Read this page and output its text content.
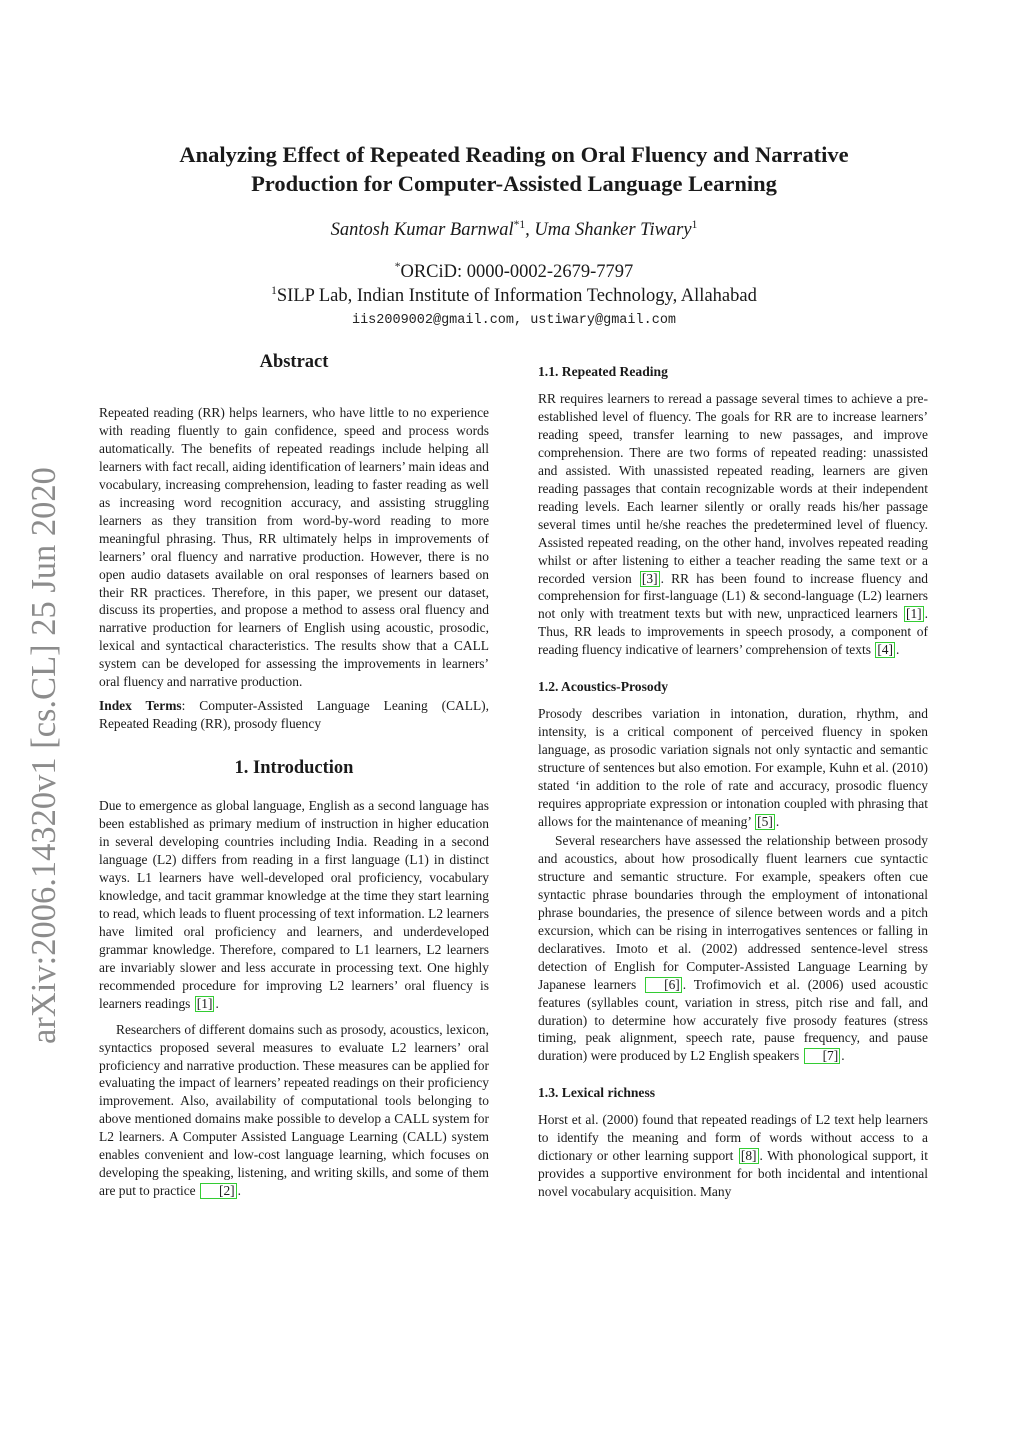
arXiv:2006.14320v1 [cs.CL] 25 Jun 2020
Analyzing Effect of Repeated Reading on Oral Fluency and Narrative
Production for Computer-Assisted Language Learning
Santosh Kumar Barnwal$^{*1}$, Uma Shanker Tiwary$^1$
*ORCiD: 0000-0002-2679-7797
$^1$SILP Lab, Indian Institute of Information Technology, Allahabad
iis2009002@gmail.com, ustiwary@gmail.com
Abstract

Repeated reading (RR) helps learners, who have little to no experience with reading fluently to gain confidence, speed and process words automatically. The benefits of repeated readings include helping all learners with fact recall, aiding identification of learners’ main ideas and vocabulary, increasing comprehension, leading to faster reading as well as increasing word recognition accuracy, and assisting struggling learners as they transition from word-by-word reading to more meaningful phrasing. Thus, RR ultimately helps in improvements of learners’ oral fluency and narrative production. However, there is no open audio datasets available on oral responses of learners based on their RR practices. Therefore, in this paper, we present our dataset, discuss its properties, and propose a method to assess oral fluency and narrative production for learners of English using acoustic, prosodic, lexical and syntactical characteristics. The results show that a CALL system can be developed for assessing the improvements in learners’ oral fluency and narrative production.

Index Terms: Computer-Assisted Language Leaning (CALL), Repeated Reading (RR), prosody fluency

1. Introduction

Due to emergence as global language, English as a second language has been established as primary medium of instruction in higher education in several developing countries including India. Reading in a second language (L2) differs from reading in a first language (L1) in distinct ways. L1 learners have well-developed oral proficiency, vocabulary knowledge, and tacit grammar knowledge at the time they start learning to read, which leads to fluent processing of text information. L2 learners have limited oral proficiency and learners, and underdeveloped grammar knowledge. Therefore, compared to L1 learners, L2 learners are invariably slower and less accurate in processing text. One highly recommended procedure for improving L2 learners’ oral fluency is learners readings [1] .

Researchers of different domains such as prosody, acoustics, lexicon, syntactics proposed several measures to evaluate L2 learners’ oral proficiency and narrative production. These measures can be applied for evaluating the impact of learners’ repeated readings on their proficiency improvement. Also, availability of computational tools belonging to above mentioned domains make possible to develop a CALL system for L2 learners. A Computer Assisted Language Learning (CALL) system enables convenient and low-cost language learning, which focuses on developing the speaking, listening, and writing skills, and some of them are put to practice [2] .

1.1. Repeated Reading

RR requires learners to reread a passage several times to achieve a pre-established level of fluency. The goals for RR are to increase learners’ reading speed, transfer learning to new passages, and improve comprehension. There are two forms of repeated reading: unassisted and assisted. With unassisted repeated reading, learners are given reading passages that contain recognizable words at their independent reading levels. Each learner silently or orally reads his/her passage several times until he/she reaches the predetermined level of fluency. Assisted repeated reading, on the other hand, involves repeated reading whilst or after listening to either a teacher reading the same text or a recorded version [3] . RR has been found to increase fluency and comprehension for first-language (L1) & second-language (L2) learners not only with treatment texts but with new, unpracticed learners [1] . Thus, RR leads to improvements in speech prosody, a component of reading fluency indicative of learners’ comprehension of texts [4] .

1.2. Acoustics-Prosody

Prosody describes variation in intonation, duration, rhythm, and intensity, is a critical component of perceived fluency in spoken language, as prosodic variation signals not only syntactic and semantic structure of sentences but also emotion. For example, Kuhn et al. (2010) stated ‘in addition to the role of rate and accuracy, prosodic fluency requires appropriate expression or intonation coupled with phrasing that allows for the maintenance of meaning’ [5] .

Several researchers have assessed the relationship between prosody and acoustics, about how prosodically fluent learners cue syntactic structure and semantic structure. For example, speakers often cue syntactic phrase boundaries through the employment of intonational phrase boundaries, the presence of silence between words and a pitch excursion, which can be rising in interrogatives sentences or falling in declaratives. Imoto et al. (2002) addressed sentence-level stress detection of English for Computer-Assisted Language Learning by Japanese learners [6] . Trofimovich et al. (2006) used acoustic features (syllables count, variation in stress, pitch rise and fall, and duration) to determine how accurately five prosody features (stress timing, peak alignment, speech rate, pause frequency, and pause duration) were produced by L2 English speakers [7] .

1.3. Lexical richness

Horst et al. (2000) found that repeated readings of L2 text help learners to identify the meaning and form of words without access to a dictionary or other learning support [8] . With phonological support, it provides a supportive environment for both incidental and intentional novel vocabulary acquisition. Many
